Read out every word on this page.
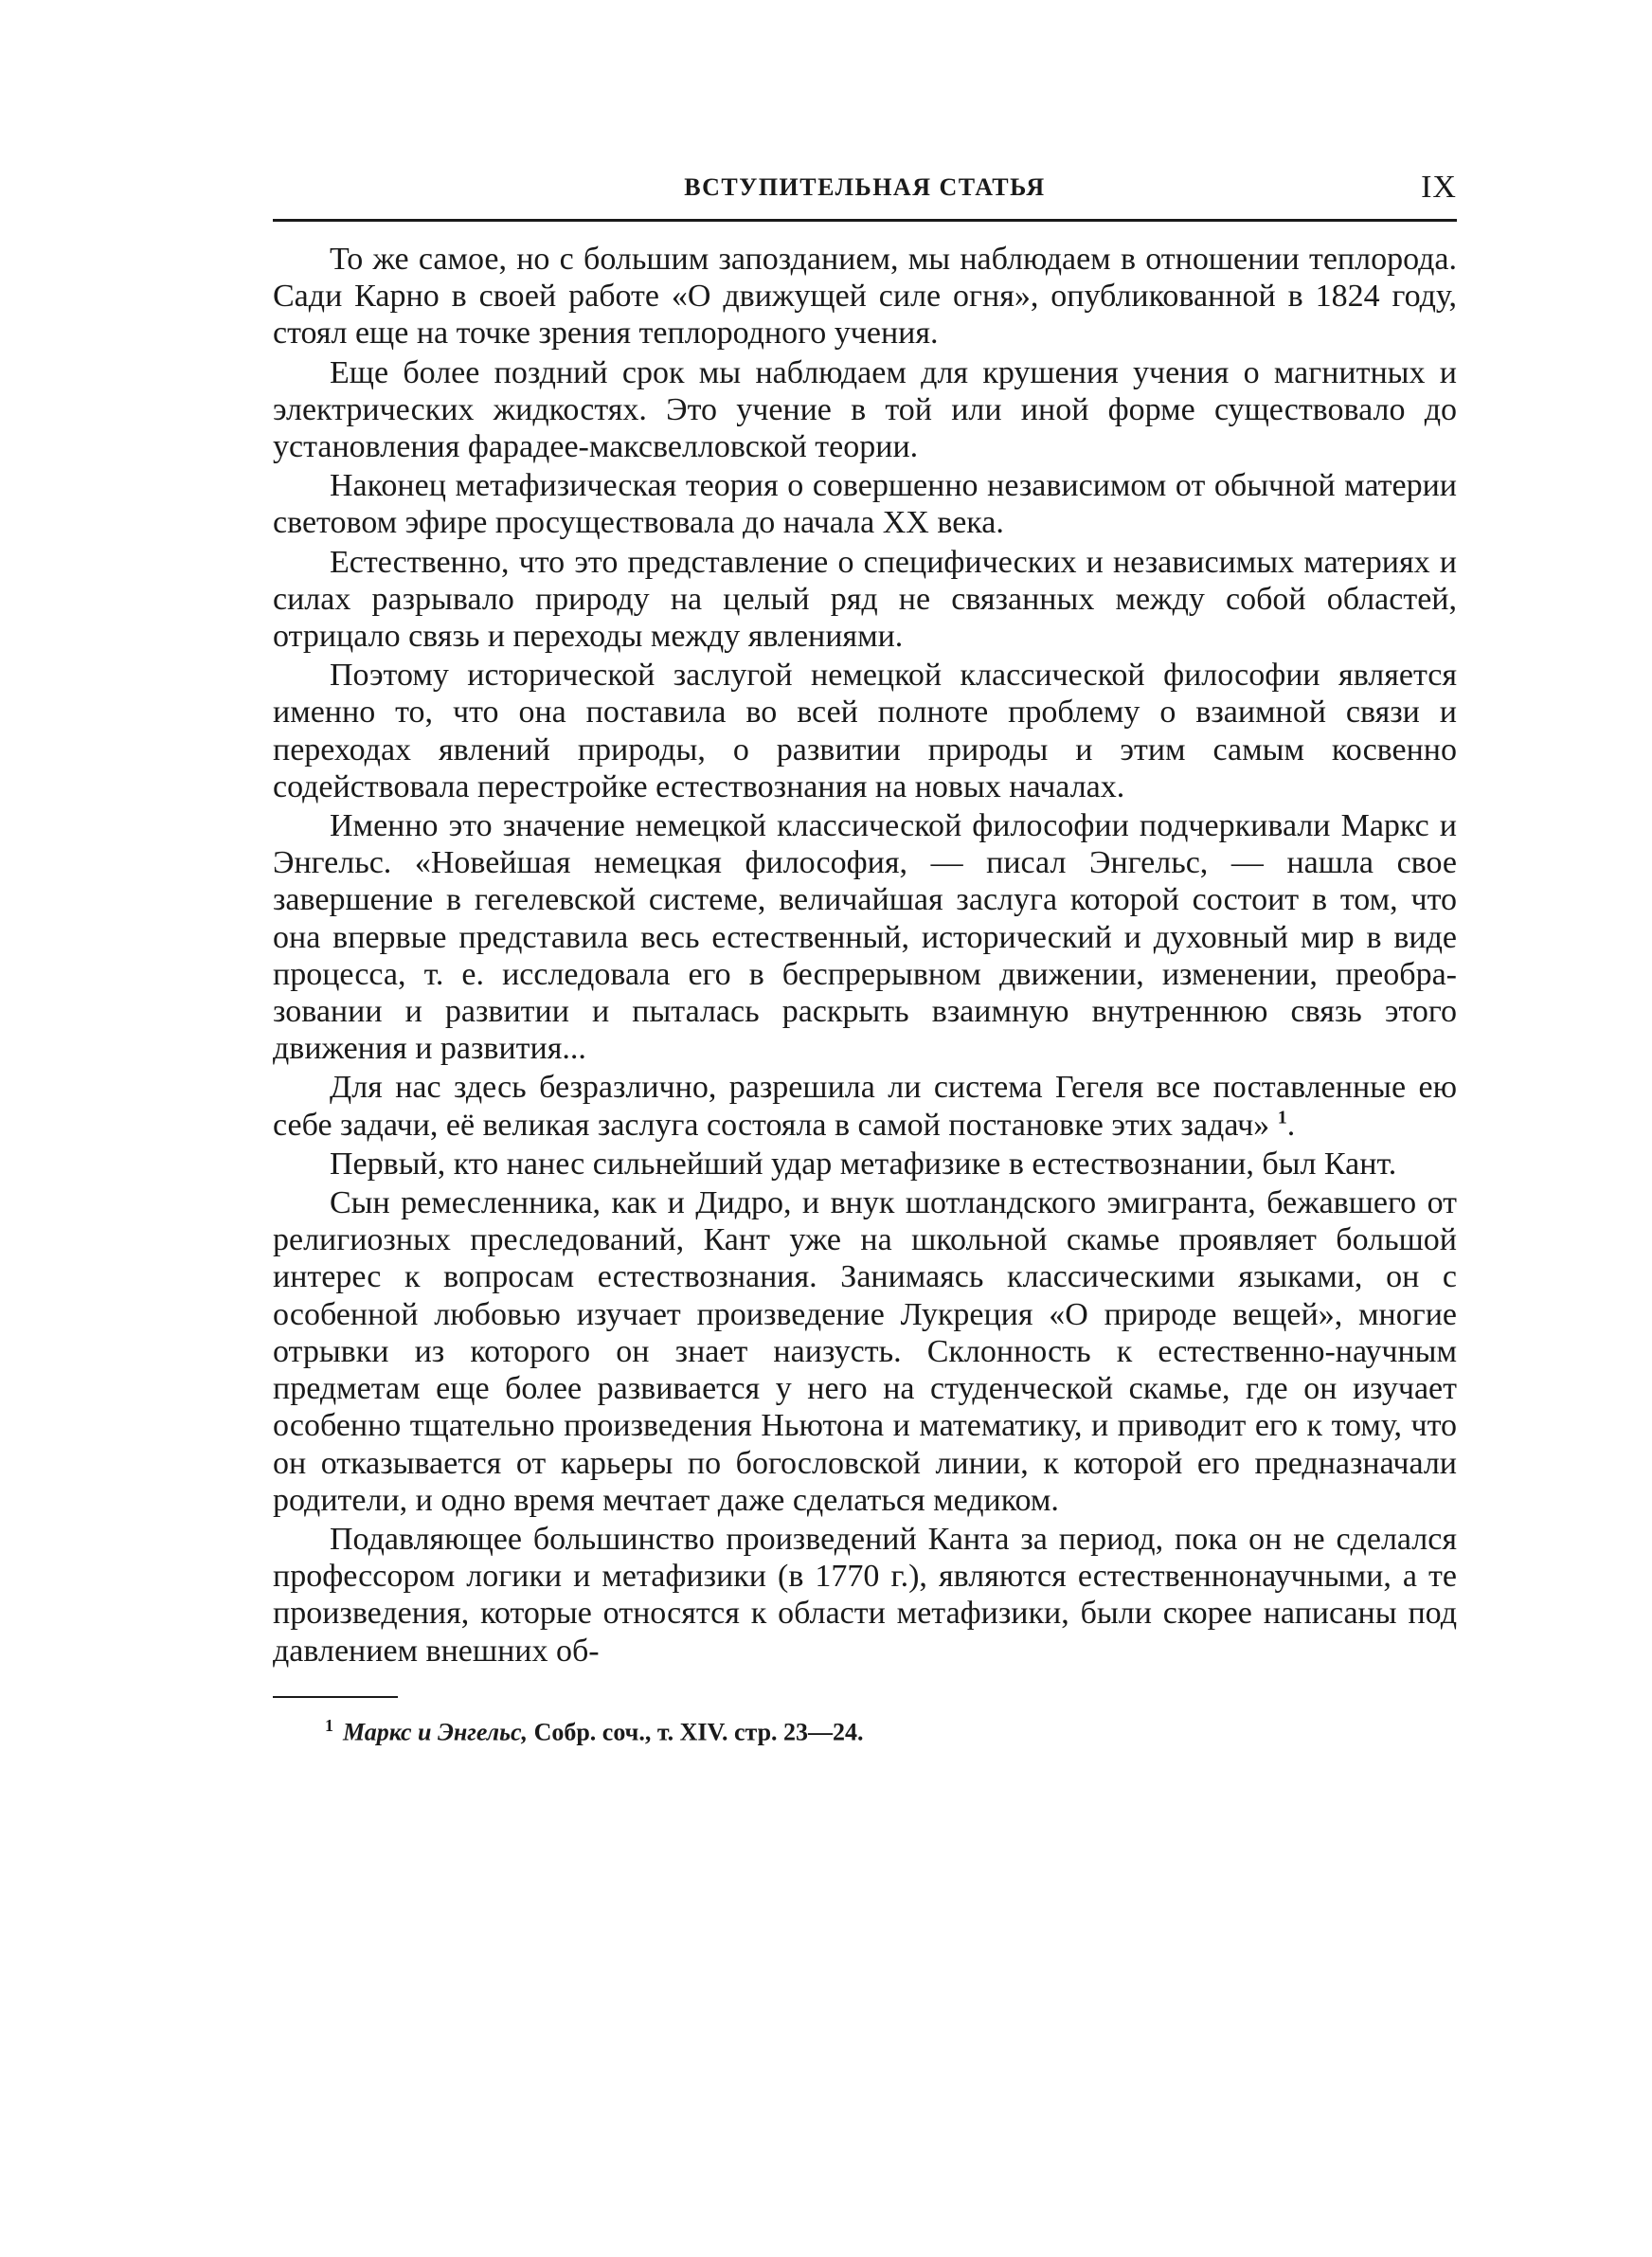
ВСТУПИТЕЛЬНАЯ СТАТЬЯ	IX

То же самое, но с большим запозданием, мы наблюдаем в отношении теплорода. Сади Карно в своей работе «О движущей силе огня», опубликованной в 1824 году, стоял еще на точке зрения теплородного учения.

Еще более поздний срок мы наблюдаем для крушения учения о магнитных и электрических жидкостях. Это учение в той или иной форме существовало до установления фарадее-максвелловской теории.

Наконец метафизическая теория о совершенно независимом от обычной материи световом эфире просуществовала до начала XX века.

Естественно, что это представление о специфических и независимых материях и силах разрывало природу на целый ряд не связанных между собой областей, отрицало связь и переходы между явлениями.

Поэтому исторической заслугой немецкой классической философии является именно то, что она поставила во всей полноте проблему о взаимной связи и переходах явлений природы, о развитии природы и этим самым косвенно содействовала перестройке естествознания на новых началах.

Именно это значение немецкой классической философии подчеркивали Маркс и Энгельс. «Новейшая немецкая философия, — писал Энгельс, — нашла свое завершение в гегелевской системе, величайшая заслуга которой состоит в том, что она впервые представила весь естественный, исторический и духовный мир в виде процесса, т. е. исследовала его в беспрерывном движении, изменении, преобразовании и развитии и пыталась раскрыть взаимную внутреннюю связь этого движения и развития...

Для нас здесь безразлично, разрешила ли система Гегеля все поставленные ею себе задачи, её великая заслуга состояла в самой постановке этих задач» $^1$.

Первый, кто нанес сильнейший удар метафизике в естествознании, был Кант.

Сын ремесленника, как и Дидро, и внук шотландского эмигранта, бежавшего от религиозных преследований, Кант уже на школьной скамье проявляет большой интерес к вопросам естествознания. Занимаясь классическими языками, он с особенной любовью изучает произведение Лукреция «О природе вещей», многие отрывки из которого он знает наизусть. Склонность к естественно-научным предметам еще более развивается у него на студенческой скамье, где он изучает особенно тщательно произведения Ньютона и математику, и приводит его к тому, что он отказывается от карьеры по богословской линии, к которой его предназначали родители, и одно время мечтает даже сделаться медиком.

Подавляющее большинство произведений Канта за период, пока он не сделался профессором логики и метафизики (в 1770 г.), являются естественнонаучными, а те произведения, которые относятся к области метафизики, были скорее написаны под давлением внешних об-

$^1$ Маркс и Энгельс, Собр. соч., т. XIV. стр. 23—24.
